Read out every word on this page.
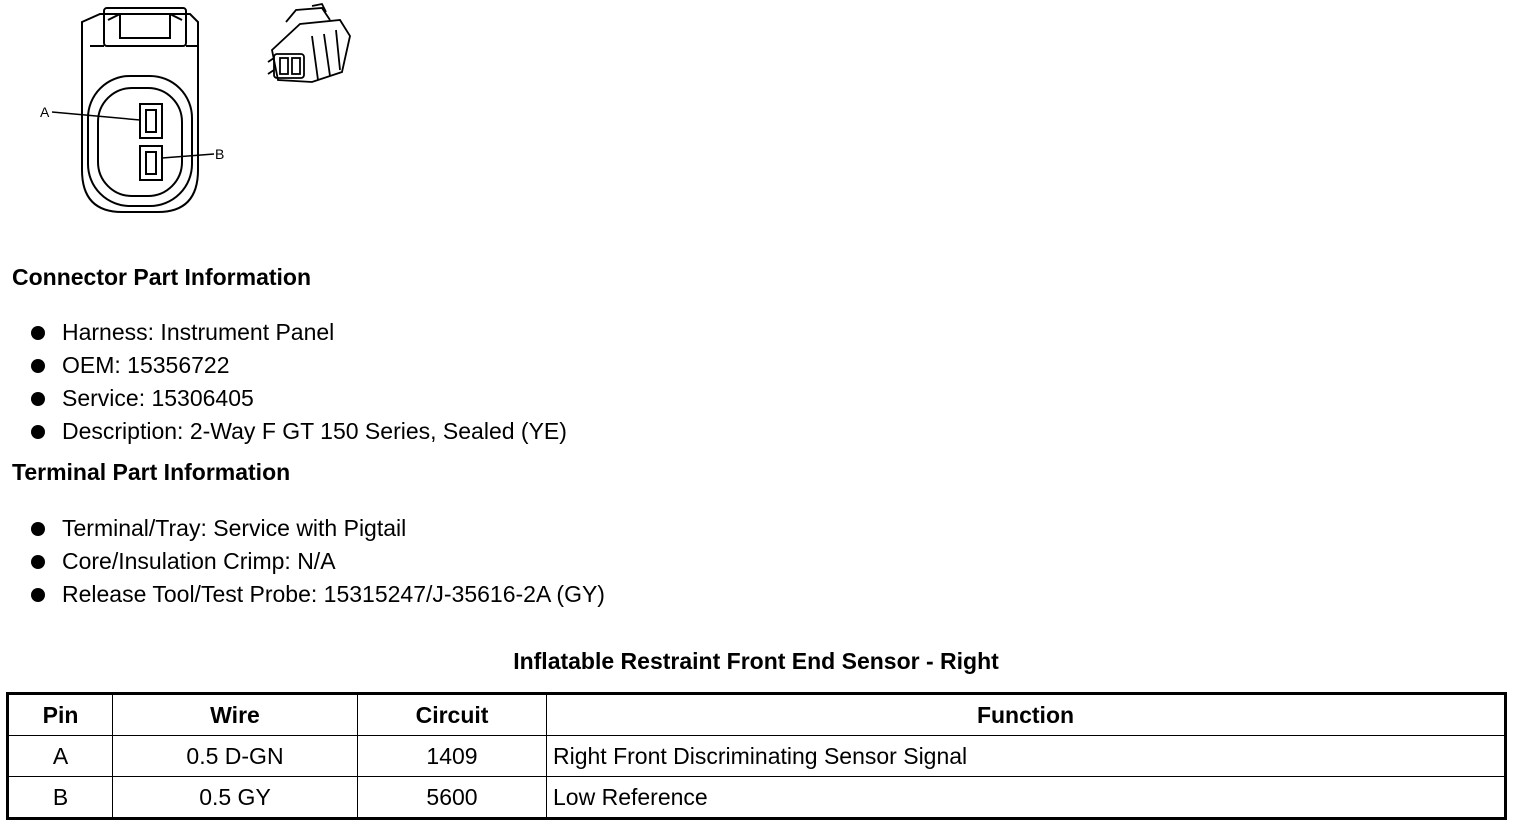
A
B
Connector Part Information
Harness: Instrument Panel
OEM: 15356722
Service: 15306405
Description: 2-Way F GT 150 Series, Sealed (YE)
Terminal Part Information
Terminal/Tray: Service with Pigtail
Core/Insulation Crimp: N/A
Release Tool/Test Probe: 15315247/J-35616-2A (GY)
Inflatable Restraint Front End Sensor - Right
Pin	Wire	Circuit	Function
A	0.5 D-GN	1409	Right Front Discriminating Sensor Signal
B	0.5 GY	5600	Low Reference
